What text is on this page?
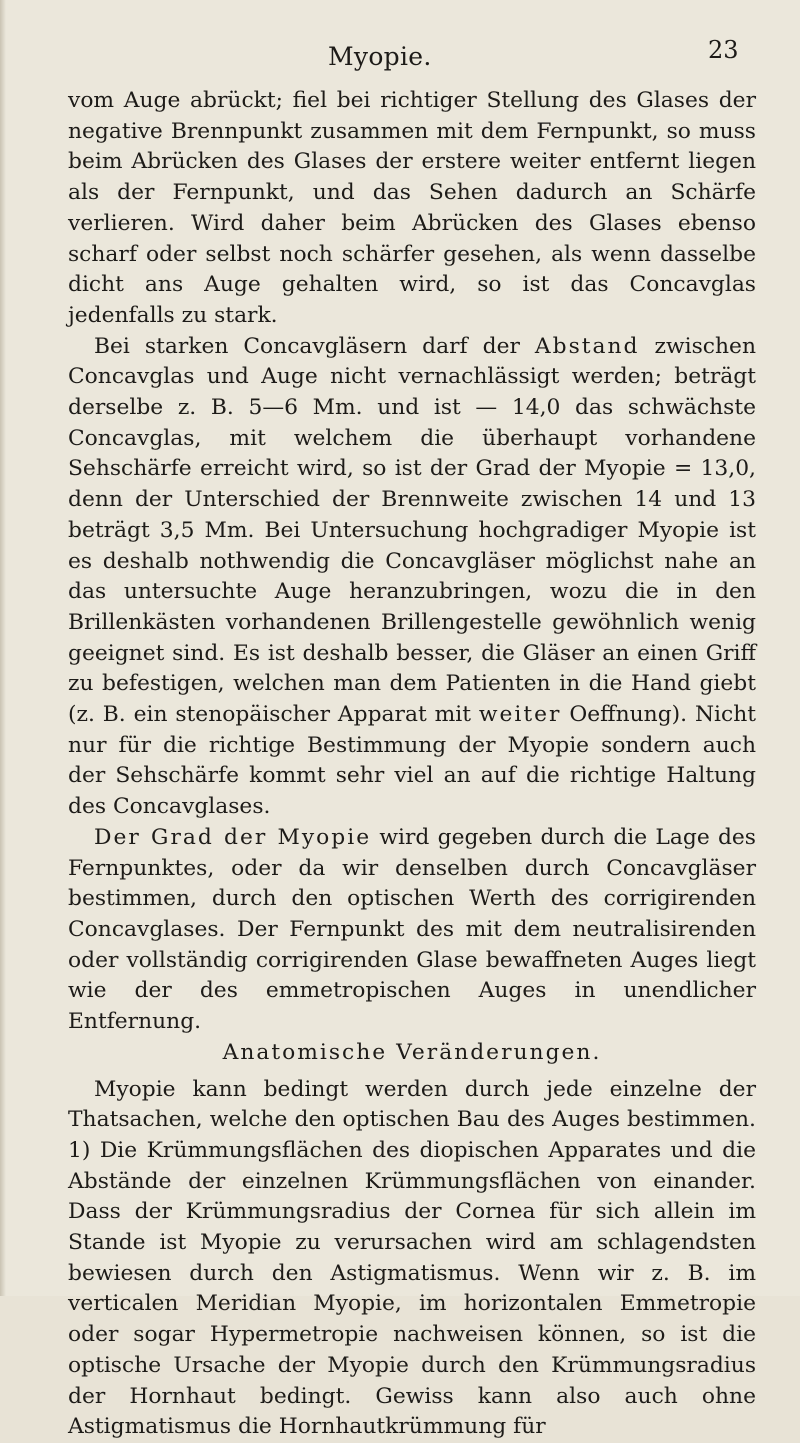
Myopie.	23

vom Auge abrückt; fiel bei richtiger Stellung des Glases der negative Brennpunkt zusammen mit dem Fernpunkt, so muss beim Abrücken des Glases der erstere weiter entfernt liegen als der Fernpunkt, und das Sehen dadurch an Schärfe verlieren. Wird daher beim Abrücken des Glases ebenso scharf oder selbst noch schärfer gesehen, als wenn dasselbe dicht ans Auge gehalten wird, so ist das Concavglas jedenfalls zu stark.

Bei starken Concavgläsern darf der Abstand zwischen Concavglas und Auge nicht vernachlässigt werden; beträgt derselbe z. B. 5—6 Mm. und ist — 14,0 das schwächste Concavglas, mit welchem die überhaupt vorhandene Sehschärfe erreicht wird, so ist der Grad der Myopie = 13,0, denn der Unterschied der Brennweite zwischen 14 und 13 beträgt 3,5 Mm. Bei Untersuchung hochgradiger Myopie ist es deshalb nothwendig die Concavgläser möglichst nahe an das untersuchte Auge heranzubringen, wozu die in den Brillenkästen vorhandenen Brillengestelle gewöhnlich wenig geeignet sind. Es ist deshalb besser, die Gläser an einen Griff zu befestigen, welchen man dem Patienten in die Hand giebt (z. B. ein stenopäischer Apparat mit weiter Oeffnung). Nicht nur für die richtige Bestimmung der Myopie sondern auch der Sehschärfe kommt sehr viel an auf die richtige Haltung des Concavglases.

Der Grad der Myopie wird gegeben durch die Lage des Fernpunktes, oder da wir denselben durch Concavgläser bestimmen, durch den optischen Werth des corrigirenden Concavglases. Der Fernpunkt des mit dem neutralisirenden oder vollständig corrigirenden Glase bewaffneten Auges liegt wie der des emmetropischen Auges in unendlicher Entfernung.

Anatomische Veränderungen.

Myopie kann bedingt werden durch jede einzelne der Thatsachen, welche den optischen Bau des Auges bestimmen. 1) Die Krümmungsflächen des diopischen Apparates und die Abstände der einzelnen Krümmungsflächen von einander. Dass der Krümmungsradius der Cornea für sich allein im Stande ist Myopie zu verursachen wird am schlagendsten bewiesen durch den Astigmatismus. Wenn wir z. B. im verticalen Meridian Myopie, im horizontalen Emmetropie oder sogar Hypermetropie nachweisen können, so ist die optische Ursache der Myopie durch den Krümmungsradius der Hornhaut bedingt. Gewiss kann also auch ohne Astigmatismus die Hornhautkrümmung für
